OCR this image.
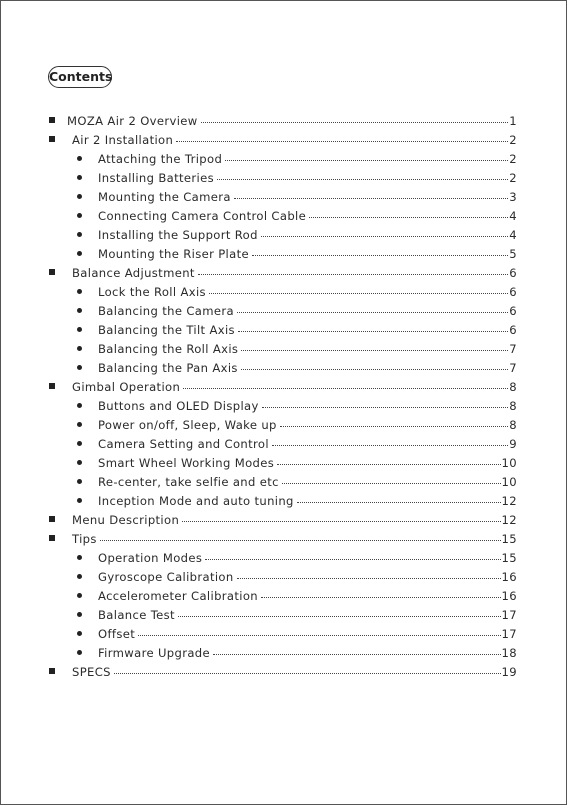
Contents
MOZA Air 2 Overview	1
Air 2 Installation	2
Attaching the Tripod	2
Installing Batteries	2
Mounting the Camera	3
Connecting Camera Control Cable	4
Installing the Support Rod	4
Mounting the Riser Plate	5
Balance Adjustment	6
Lock the Roll Axis	6
Balancing the Camera	6
Balancing the Tilt Axis	6
Balancing the Roll Axis	7
Balancing the Pan Axis	7
Gimbal Operation	8
Buttons and OLED Display	8
Power on/off, Sleep, Wake up	8
Camera Setting and Control	9
Smart Wheel Working Modes	10
Re-center, take selfie and etc	10
Inception Mode and auto tuning	12
Menu Description	12
Tips	15
Operation Modes	15
Gyroscope Calibration	16
Accelerometer Calibration	16
Balance Test	17
Offset	17
Firmware Upgrade	18
SPECS	19
